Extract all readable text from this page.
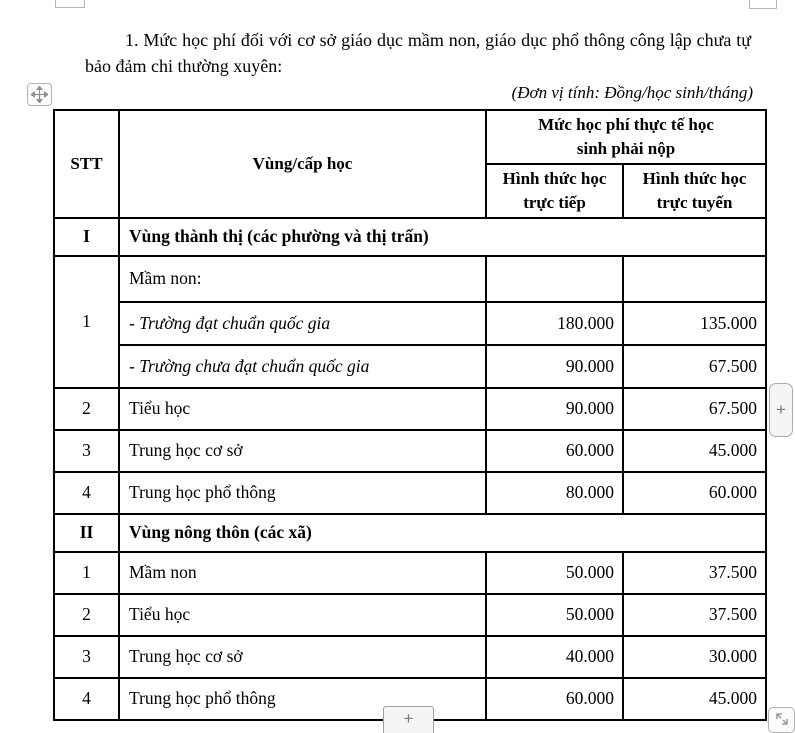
1. Mức học phí đối với cơ sở giáo dục mầm non, giáo dục phổ thông công lập chưa tự bảo đảm chi thường xuyên:
(Đơn vị tính: Đồng/học sinh/tháng)
STT	Vùng/cấp học	Mức học phí thực tế học sinh phải nộp	
		Hình thức học trực tiếp	Hình thức học trực tuyến
I	Vùng thành thị (các phường và thị trấn)		
1	Mầm non:		
	- Trường đạt chuẩn quốc gia	180.000	135.000
	- Trường chưa đạt chuẩn quốc gia	90.000	67.500
2	Tiểu học	90.000	67.500
3	Trung học cơ sở	60.000	45.000
4	Trung học phổ thông	80.000	60.000
II	Vùng nông thôn (các xã)		
1	Mầm non	50.000	37.500
2	Tiểu học	50.000	37.500
3	Trung học cơ sở	40.000	30.000
4	Trung học phổ thông	60.000	45.000
+
+
